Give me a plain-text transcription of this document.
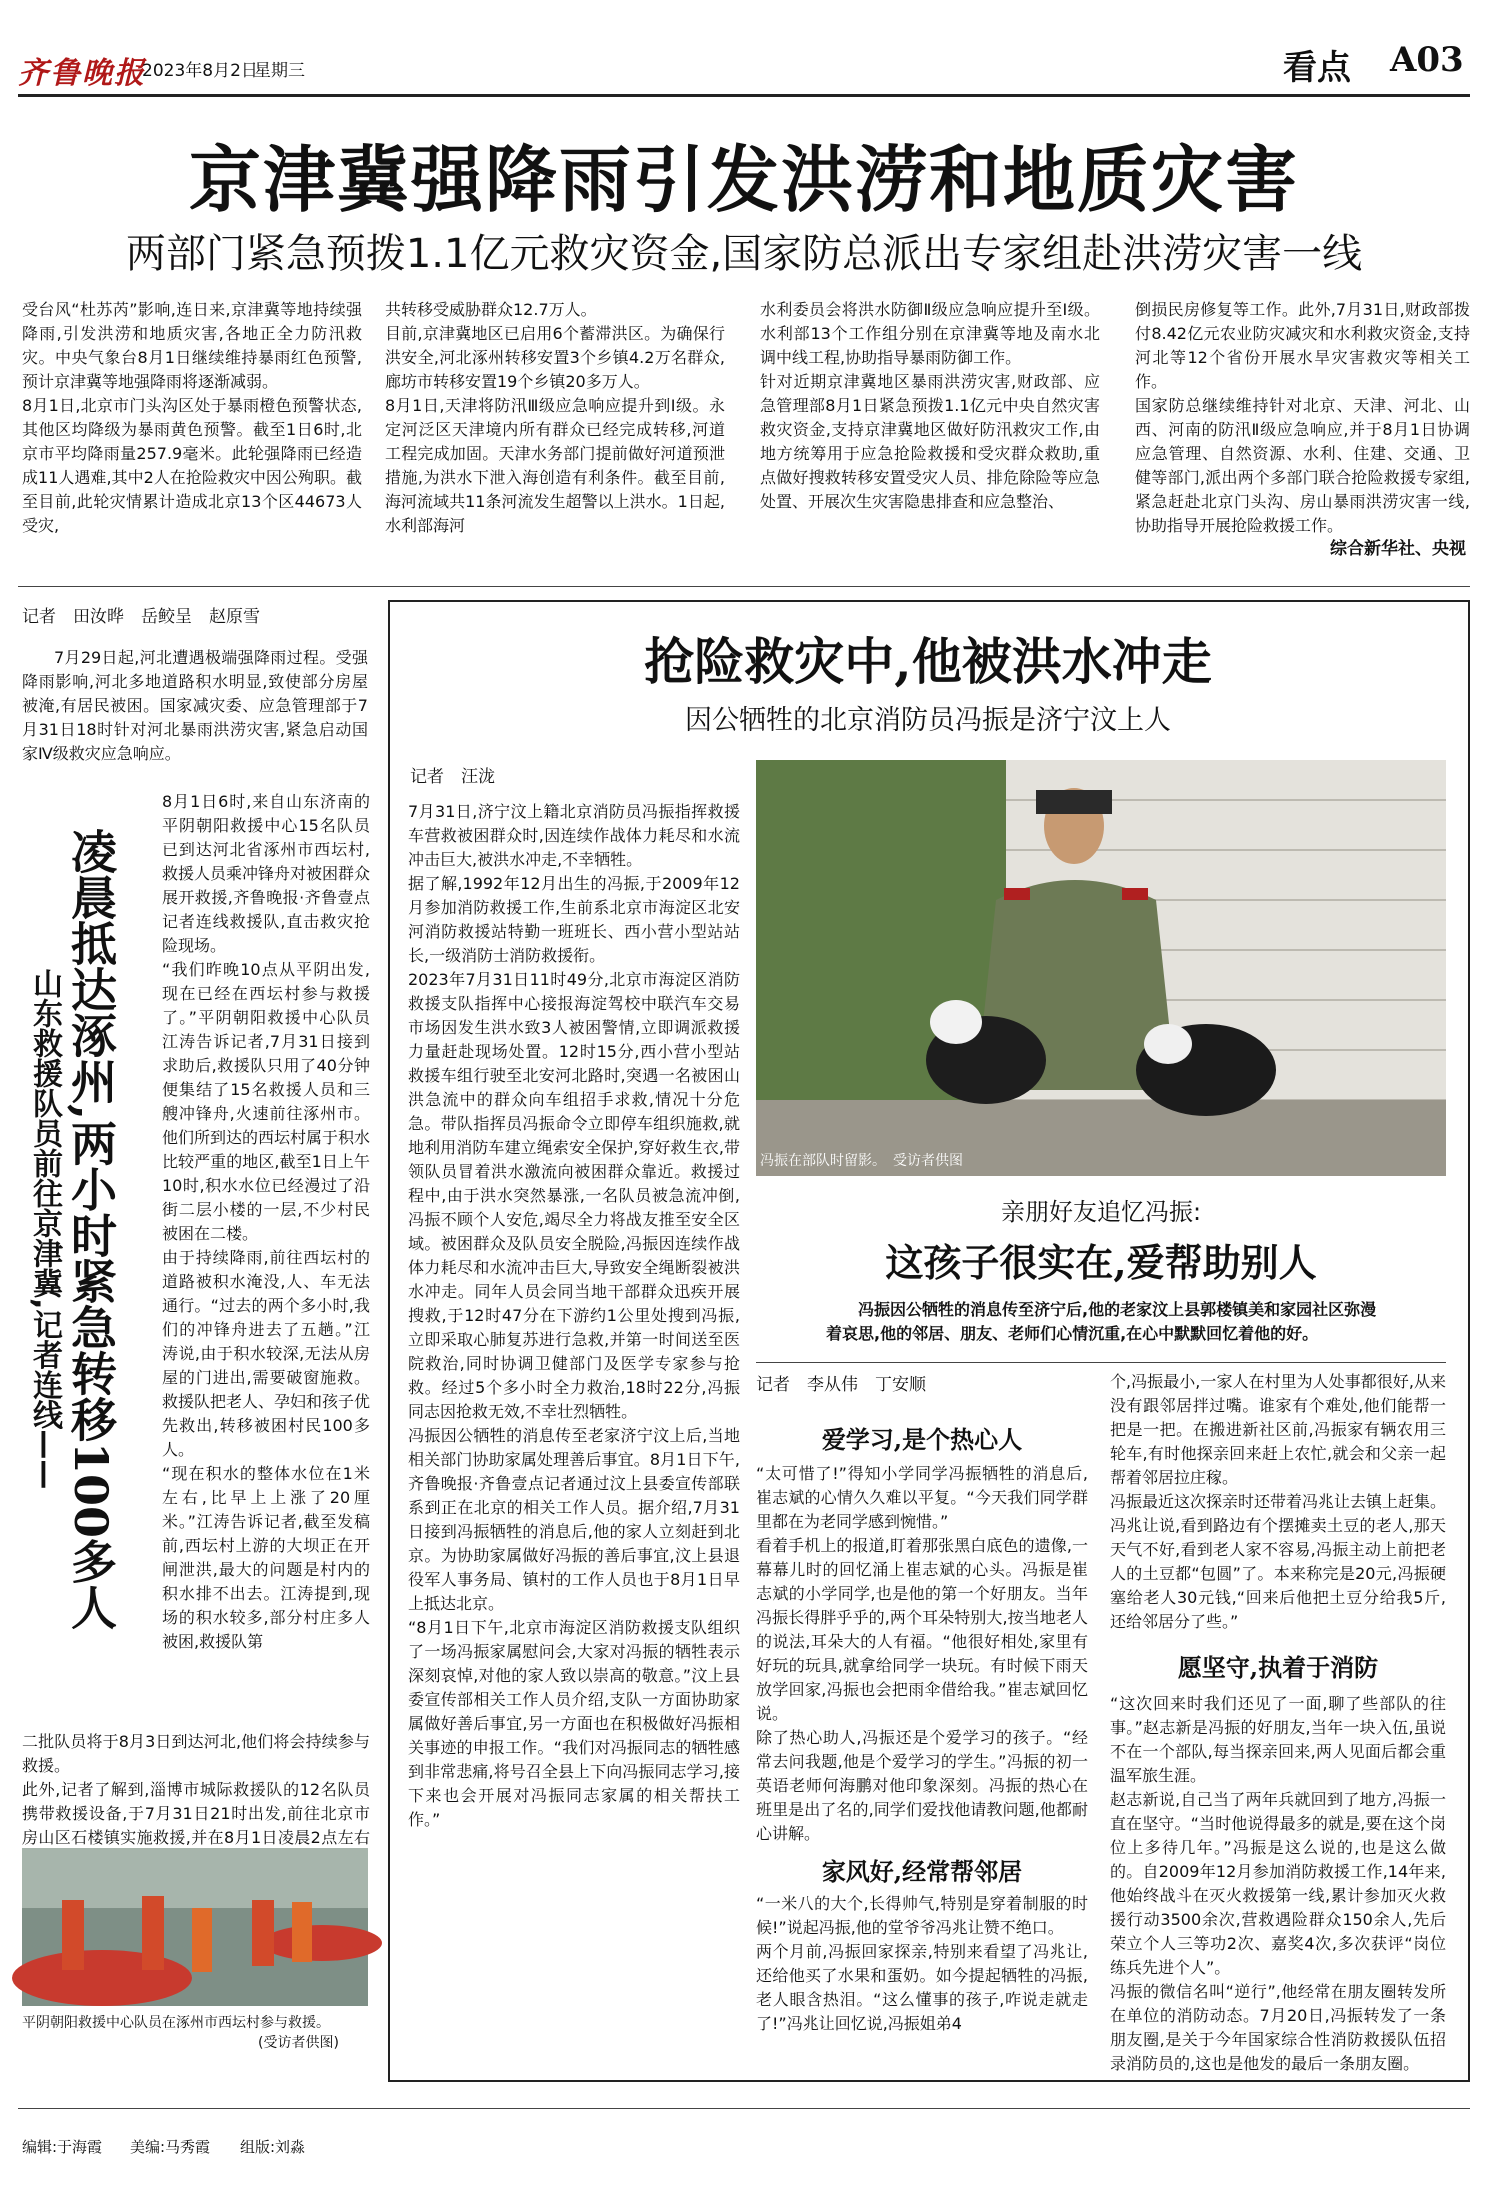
齐鲁晚报
2023年8月2日
星期三	看点 A03
京津冀强降雨引发洪涝和地质灾害
两部门紧急预拨1.1亿元救灾资金,国家防总派出专家组赴洪涝灾害一线
受台风“杜苏芮”影响,连日来,京津冀等地持续强降雨,引发洪涝和地质灾害,各地正全力防汛救灾。中央气象台8月1日继续维持暴雨红色预警,预计京津冀等地强降雨将逐渐减弱。
8月1日,北京市门头沟区处于暴雨橙色预警状态,其他区均降级为暴雨黄色预警。截至1日6时,北京市平均降雨量257.9毫米。此轮强降雨已经造成11人遇难,其中2人在抢险救灾中因公殉职。截至目前,此轮灾情累计造成北京13个区44673人受灾,
共转移受威胁群众12.7万人。
目前,京津冀地区已启用6个蓄滞洪区。为确保行洪安全,河北涿州转移安置3个乡镇4.2万名群众,廊坊市转移安置19个乡镇20多万人。
8月1日,天津将防汛Ⅲ级应急响应提升到Ⅰ级。永定河泛区天津境内所有群众已经完成转移,河道工程完成加固。天津水务部门提前做好河道预泄措施,为洪水下泄入海创造有利条件。截至目前,海河流域共11条河流发生超警以上洪水。1日起,水利部海河
水利委员会将洪水防御Ⅱ级应急响应提升至Ⅰ级。水利部13个工作组分别在京津冀等地及南水北调中线工程,协助指导暴雨防御工作。
针对近期京津冀地区暴雨洪涝灾害,财政部、应急管理部8月1日紧急预拨1.1亿元中央自然灾害救灾资金,支持京津冀地区做好防汛救灾工作,由地方统筹用于应急抢险救援和受灾群众救助,重点做好搜救转移安置受灾人员、排危除险等应急处置、开展次生灾害隐患排查和应急整治、
倒损民房修复等工作。此外,7月31日,财政部拨付8.42亿元农业防灾减灾和水利救灾资金,支持河北等12个省份开展水旱灾害救灾等相关工作。
国家防总继续维持针对北京、天津、河北、山西、河南的防汛Ⅱ级应急响应,并于8月1日协调应急管理、自然资源、水利、住建、交通、卫健等部门,派出两个多部门联合抢险救援专家组,紧急赶赴北京门头沟、房山暴雨洪涝灾害一线,协助指导开展抢险救援工作。
综合新华社、央视
记者　田汝晔　岳鲛呈　赵原雪

7月29日起,河北遭遇极端强降雨过程。受强降雨影响,河北多地道路积水明显,致使部分房屋被淹,有居民被困。国家减灾委、应急管理部于7月31日18时针对河北暴雨洪涝灾害,紧急启动国家Ⅳ级救灾应急响应。

凌晨抵达涿州,两小时紧急转移100多人
山东救援队员前往京津冀,记者连线——
8月1日6时,来自山东济南的平阴朝阳救援中心15名队员已到达河北省涿州市西坛村,救援人员乘冲锋舟对被困群众展开救援,齐鲁晚报·齐鲁壹点记者连线救援队,直击救灾抢险现场。
“我们昨晚10点从平阴出发,现在已经在西坛村参与救援了。”平阴朝阳救援中心队员江涛告诉记者,7月31日接到求助后,救援队只用了40分钟便集结了15名救援人员和三艘冲锋舟,火速前往涿州市。他们所到达的西坛村属于积水比较严重的地区,截至1日上午10时,积水水位已经漫过了沿街二层小楼的一层,不少村民被困在二楼。
由于持续降雨,前往西坛村的道路被积水淹没,人、车无法通行。“过去的两个多小时,我们的冲锋舟进去了五趟。”江涛说,由于积水较深,无法从房屋的门进出,需要破窗施救。救援队把老人、孕妇和孩子优先救出,转移被困村民100多人。
“现在积水的整体水位在1米左右,比早上上涨了20厘米。”江涛告诉记者,截至发稿前,西坛村上游的大坝正在开闸泄洪,最大的问题是村内的积水排不出去。江涛提到,现场的积水较多,部分村庄多人被困,救援队第
二批队员将于8月3日到达河北,他们将会持续参与救援。
此外,记者了解到,淄博市城际救援队的12名队员携带救援设备,于7月31日21时出发,前往北京市房山区石楼镇实施救援,并在8月1日凌晨2点左右
平阴朝阳救援中心队员在涿州市西坛村参与救援。
(受访者供图)
抢险救灾中,他被洪水冲走
因公牺牲的北京消防员冯振是济宁汶上人
记者　汪泷
7月31日,济宁汶上籍北京消防员冯振指挥救援车营救被困群众时,因连续作战体力耗尽和水流冲击巨大,被洪水冲走,不幸牺牲。
据了解,1992年12月出生的冯振,于2009年12月参加消防救援工作,生前系北京市海淀区北安河消防救援站特勤一班班长、西小营小型站站长,一级消防士消防救援衔。
2023年7月31日11时49分,北京市海淀区消防救援支队指挥中心接报海淀驾校中联汽车交易市场因发生洪水致3人被困警情,立即调派救援力量赶赴现场处置。12时15分,西小营小型站救援车组行驶至北安河北路时,突遇一名被困山洪急流中的群众向车组招手求救,情况十分危急。带队指挥员冯振命令立即停车组织施救,就地利用消防车建立绳索安全保护,穿好救生衣,带领队员冒着洪水激流向被困群众靠近。救援过程中,由于洪水突然暴涨,一名队员被急流冲倒,冯振不顾个人安危,竭尽全力将战友推至安全区域。被困群众及队员安全脱险,冯振因连续作战体力耗尽和水流冲击巨大,导致安全绳断裂被洪水冲走。同年人员会同当地干部群众迅疾开展搜救,于12时47分在下游约1公里处搜到冯振,立即采取心肺复苏进行急救,并第一时间送至医院救治,同时协调卫健部门及医学专家参与抢救。经过5个多小时全力救治,18时22分,冯振同志因抢救无效,不幸壮烈牺牲。
冯振因公牺牲的消息传至老家济宁汶上后,当地相关部门协助家属处理善后事宜。8月1日下午,齐鲁晚报·齐鲁壹点记者通过汶上县委宣传部联系到正在北京的相关工作人员。据介绍,7月31日接到冯振牺牲的消息后,他的家人立刻赶到北京。为协助家属做好冯振的善后事宜,汶上县退役军人事务局、镇村的工作人员也于8月1日早上抵达北京。
“8月1日下午,北京市海淀区消防救援支队组织了一场冯振家属慰问会,大家对冯振的牺牲表示深刻哀悼,对他的家人致以崇高的敬意。”汶上县委宣传部相关工作人员介绍,支队一方面协助家属做好善后事宜,另一方面也在积极做好冯振相关事迹的申报工作。“我们对冯振同志的牺牲感到非常悲痛,将号召全县上下向冯振同志学习,接下来也会开展对冯振同志家属的相关帮扶工作。”
冯振在部队时留影。　受访者供图
亲朋好友追忆冯振:
这孩子很实在,爱帮助别人
冯振因公牺牲的消息传至济宁后,他的老家汶上县郭楼镇美和家园社区弥漫着哀思,他的邻居、朋友、老师们心情沉重,在心中默默回忆着他的好。
记者　李从伟　丁安顺
爱学习,是个热心人
“太可惜了!”得知小学同学冯振牺牲的消息后,崔志斌的心情久久难以平复。“今天我们同学群里都在为老同学感到惋惜。”
看着手机上的报道,盯着那张黑白底色的遗像,一幕幕儿时的回忆涌上崔志斌的心头。冯振是崔志斌的小学同学,也是他的第一个好朋友。当年冯振长得胖乎乎的,两个耳朵特别大,按当地老人的说法,耳朵大的人有福。“他很好相处,家里有好玩的玩具,就拿给同学一块玩。有时候下雨天放学回家,冯振也会把雨伞借给我。”崔志斌回忆说。
除了热心助人,冯振还是个爱学习的孩子。“经常去问我题,他是个爱学习的学生。”冯振的初一英语老师何海鹏对他印象深刻。冯振的热心在班里是出了名的,同学们爱找他请教问题,他都耐心讲解。
家风好,经常帮邻居
“一米八的大个,长得帅气,特别是穿着制服的时候!”说起冯振,他的堂爷爷冯兆让赞不绝口。
两个月前,冯振回家探亲,特别来看望了冯兆让,还给他买了水果和蛋奶。如今提起牺牲的冯振,老人眼含热泪。“这么懂事的孩子,咋说走就走了!”冯兆让回忆说,冯振姐弟4
个,冯振最小,一家人在村里为人处事都很好,从来没有跟邻居拌过嘴。谁家有个难处,他们能帮一把是一把。在搬进新社区前,冯振家有辆农用三轮车,有时他探亲回来赶上农忙,就会和父亲一起帮着邻居拉庄稼。
冯振最近这次探亲时还带着冯兆让去镇上赶集。冯兆让说,看到路边有个摆摊卖土豆的老人,那天天气不好,看到老人家不容易,冯振主动上前把老人的土豆都“包圆”了。本来称完是20元,冯振硬塞给老人30元钱,“回来后他把土豆分给我5斤,还给邻居分了些。”
愿坚守,执着于消防
“这次回来时我们还见了一面,聊了些部队的往事。”赵志新是冯振的好朋友,当年一块入伍,虽说不在一个部队,每当探亲回来,两人见面后都会重温军旅生涯。
赵志新说,自己当了两年兵就回到了地方,冯振一直在坚守。“当时他说得最多的就是,要在这个岗位上多待几年。”冯振是这么说的,也是这么做的。自2009年12月参加消防救援工作,14年来,他始终战斗在灭火救援第一线,累计参加灭火救援行动3500余次,营救遇险群众150余人,先后荣立个人三等功2次、嘉奖4次,多次获评“岗位练兵先进个人”。
冯振的微信名叫“逆行”,他经常在朋友圈转发所在单位的消防动态。7月20日,冯振转发了一条朋友圈,是关于今年国家综合性消防救援队伍招录消防员的,这也是他发的最后一条朋友圈。
编辑:于海霞 美编:马秀霞 组版:刘淼
